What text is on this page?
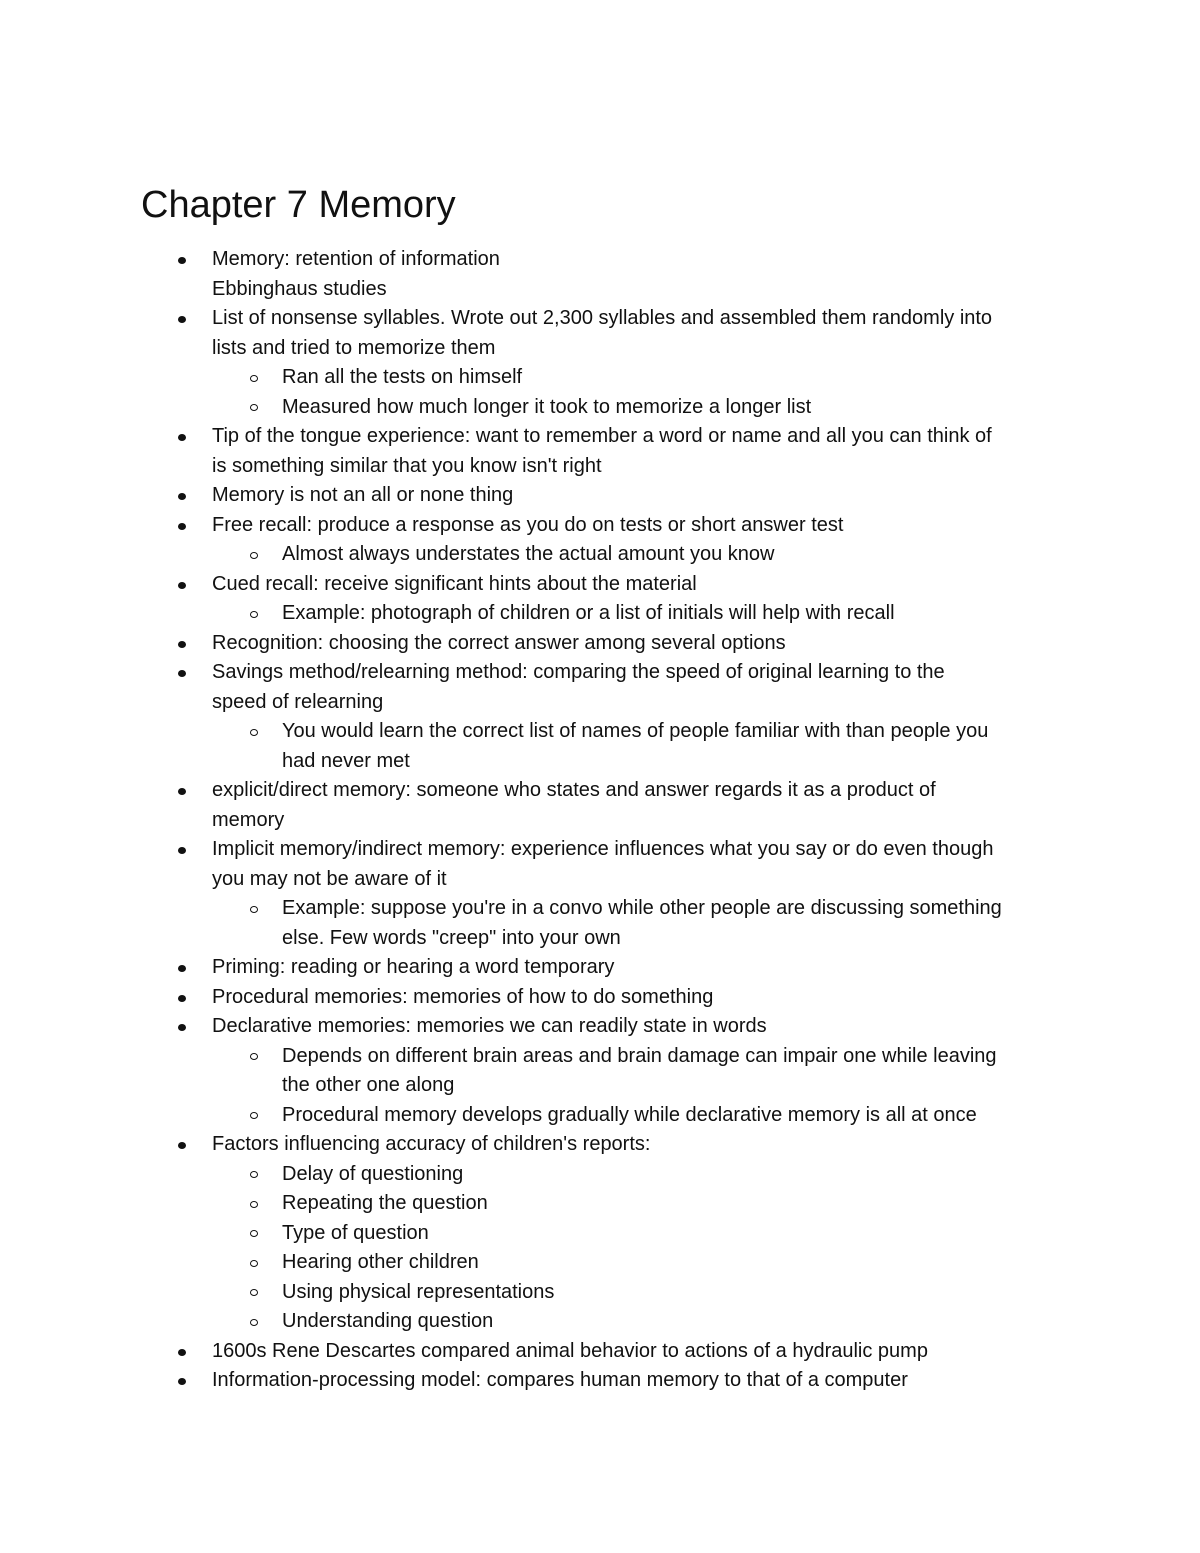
Chapter 7 Memory
Memory: retention of information
Ebbinghaus studies
List of nonsense syllables. Wrote out 2,300 syllables and assembled them randomly into
lists and tried to memorize them
Ran all the tests on himself
Measured how much longer it took to memorize a longer list
Tip of the tongue experience: want to remember a word or name and all you can think of
is something similar that you know isn't right
Memory is not an all or none thing
Free recall: produce a response as you do on tests or short answer test
Almost always understates the actual amount you know
Cued recall: receive significant hints about the material
Example: photograph of children or a list of initials will help with recall
Recognition: choosing the correct answer among several options
Savings method/relearning method: comparing the speed of original learning to the
speed of relearning
You would learn the correct list of names of people familiar with than people you
had never met
explicit/direct memory: someone who states and answer regards it as a product of
memory
Implicit memory/indirect memory: experience influences what you say or do even though
you may not be aware of it
Example: suppose you're in a convo while other people are discussing something
else. Few words "creep" into your own
Priming: reading or hearing a word temporary
Procedural memories: memories of how to do something
Declarative memories: memories we can readily state in words
Depends on different brain areas and brain damage can impair one while leaving
the other one along
Procedural memory develops gradually while declarative memory is all at once
Factors influencing accuracy of children's reports:
Delay of questioning
Repeating the question
Type of question
Hearing other children
Using physical representations
Understanding question
1600s Rene Descartes compared animal behavior to actions of a hydraulic pump
Information-processing model: compares human memory to that of a computer
